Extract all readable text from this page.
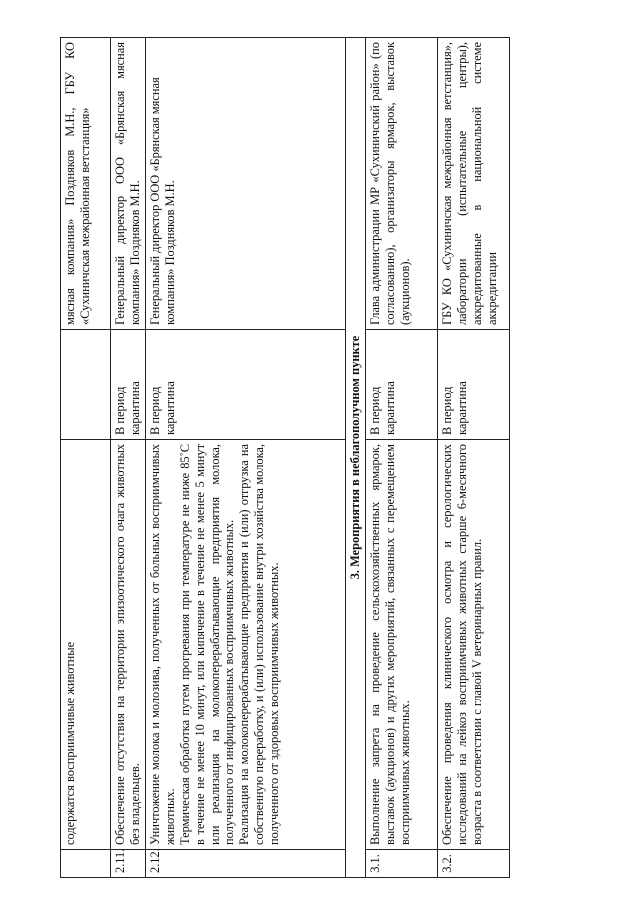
	содержатся восприимчивые животные		мясная компания» Поздняков М.Н., ГБУ КО «Сухиничская межрайонная ветстанция»
2.11.	Обеспечение отсутствия на территории эпизоотического очага животных без владельцев.	В период карантина	Генеральный директор ООО «Брянская мясная компания» Поздняков М.Н.
2.12.	Уничтожение молока и молозива, полученных от больных восприимчивых животных. Термическая обработка путем прогревания при температуре не ниже 85˚С в течение не менее 10 минут, или кипячение в течение не менее 5 минут или реализация на молокоперерабатывающие предприятия молока, полученного от инфицированных восприимчивых животных. Реализация на молокоперерабатывающие предприятия и (или) отгрузка на собственную переработку, и (или) использование внутри хозяйства молока, полученного от здоровых восприимчивых животных.	В период карантина	Генеральный директор ООО «Брянская мясная компания» Поздняков М.Н.
3. Мероприятия в неблагополучном пункте			
3.1.	Выполнение запрета на проведение сельскохозяйственных ярмарок, выставок (аукционов) и других мероприятий, связанных с перемещением восприимчивых животных.	В период карантина	Глава администрации МР «Сухиничский район» (по согласованию), организаторы ярмарок, выставок (аукционов).
3.2.	Обеспечение проведения клинического осмотра и серологических исследований на лейкоз восприимчивых животных старше 6-месячного возраста в соответствии с главой V ветеринарных правил.	В период карантина	ГБУ КО «Сухиничская межрайонная ветстанция», лаборатории (испытательные центры), аккредитованные в национальной системе аккредитации
